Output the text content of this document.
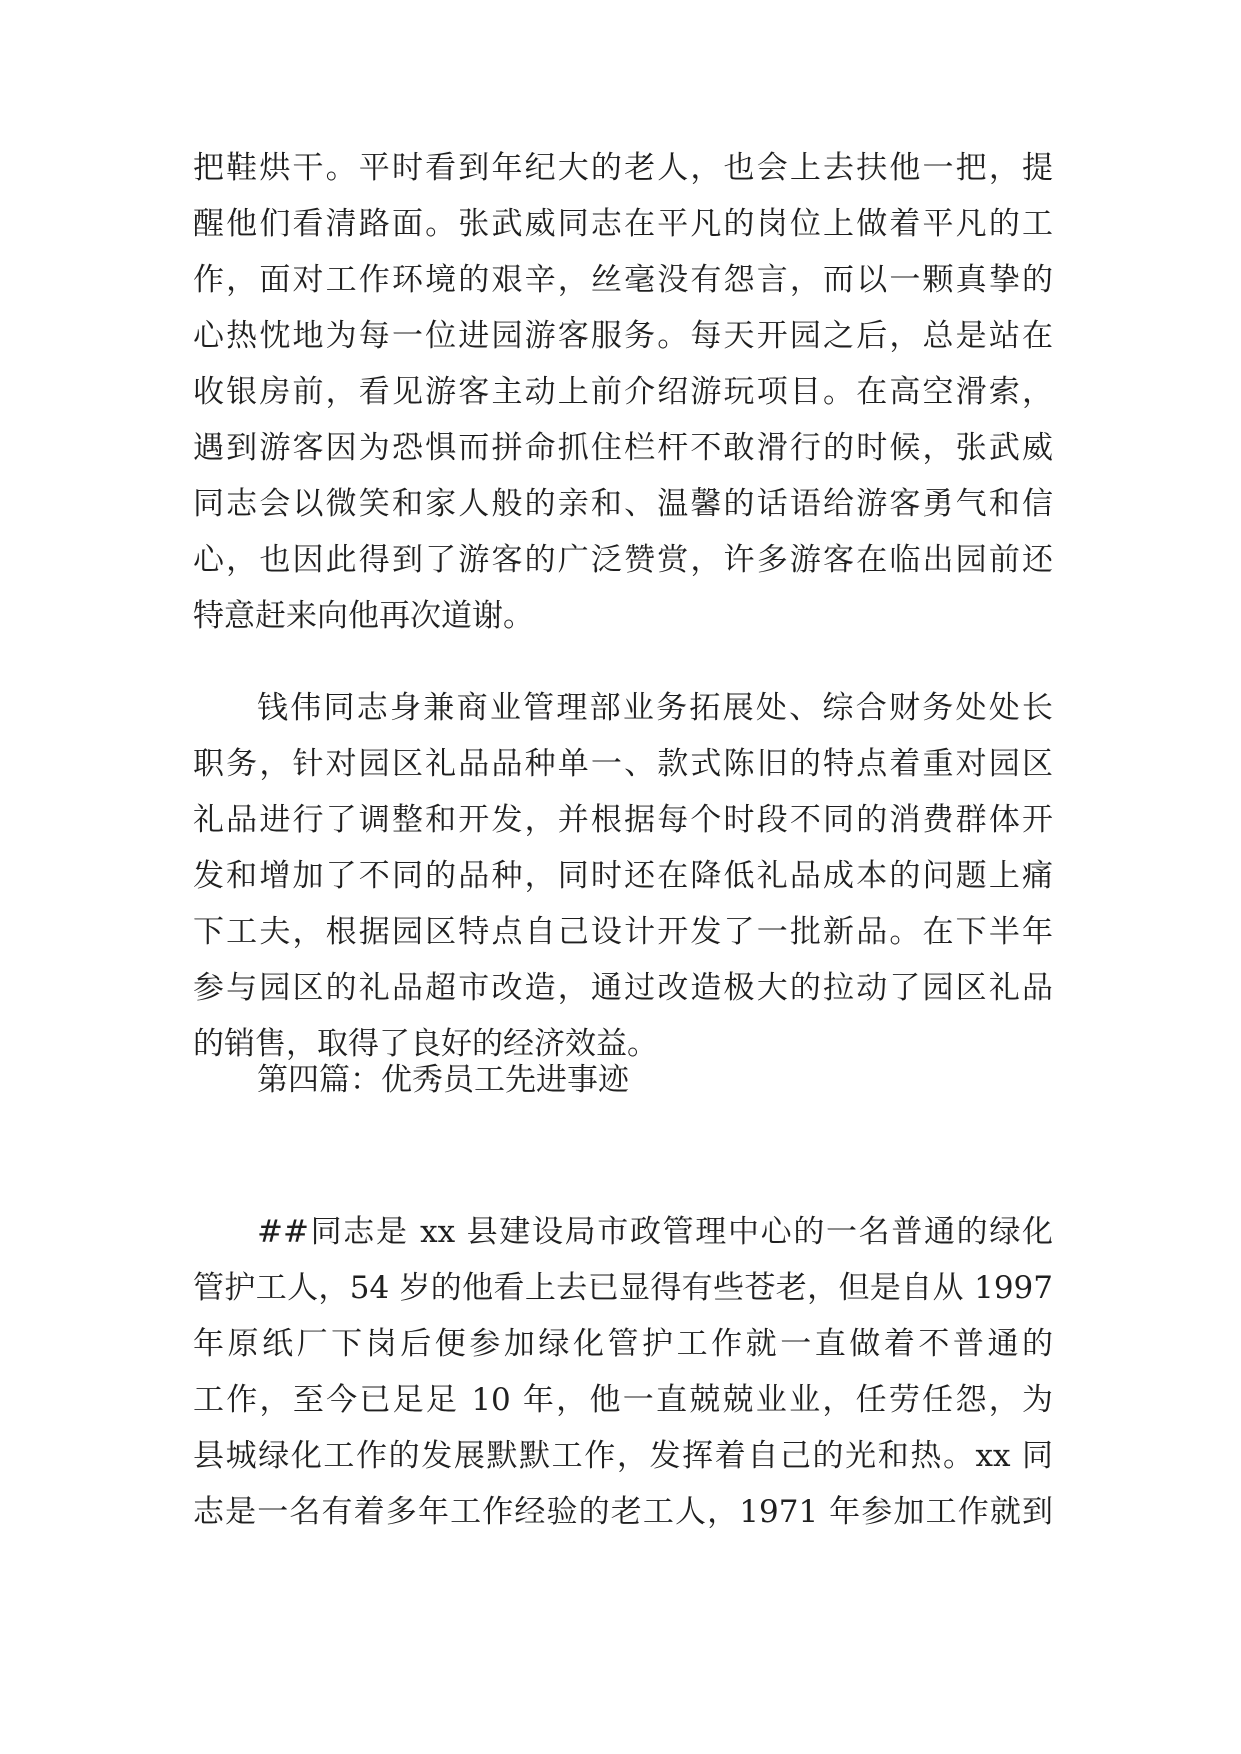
把鞋烘干。平时看到年纪大的老人，也会上去扶他一把，提
醒他们看清路面。张武威同志在平凡的岗位上做着平凡的工
作，面对工作环境的艰辛，丝毫没有怨言，而以一颗真挚的
心热忱地为每一位进园游客服务。每天开园之后，总是站在
收银房前，看见游客主动上前介绍游玩项目。在高空滑索，
遇到游客因为恐惧而拼命抓住栏杆不敢滑行的时候，张武威
同志会以微笑和家人般的亲和、温馨的话语给游客勇气和信
心，也因此得到了游客的广泛赞赏，许多游客在临出园前还
特意赶来向他再次道谢。
钱伟同志身兼商业管理部业务拓展处、综合财务处处长
职务，针对园区礼品品种单一、款式陈旧的特点着重对园区
礼品进行了调整和开发，并根据每个时段不同的消费群体开
发和增加了不同的品种，同时还在降低礼品成本的问题上痛
下工夫，根据园区特点自己设计开发了一批新品。在下半年
参与园区的礼品超市改造，通过改造极大的拉动了园区礼品
的销售，取得了良好的经济效益。
第四篇：优秀员工先进事迹
##同志是 xx 县建设局市政管理中心的一名普通的绿化
管护工人，54 岁的他看上去已显得有些苍老，但是自从 1997
年原纸厂下岗后便参加绿化管护工作就一直做着不普通的
工作，至今已足足 10 年，他一直兢兢业业，任劳任怨，为
县城绿化工作的发展默默工作，发挥着自己的光和热。xx 同
志是一名有着多年工作经验的老工人，1971 年参加工作就到
